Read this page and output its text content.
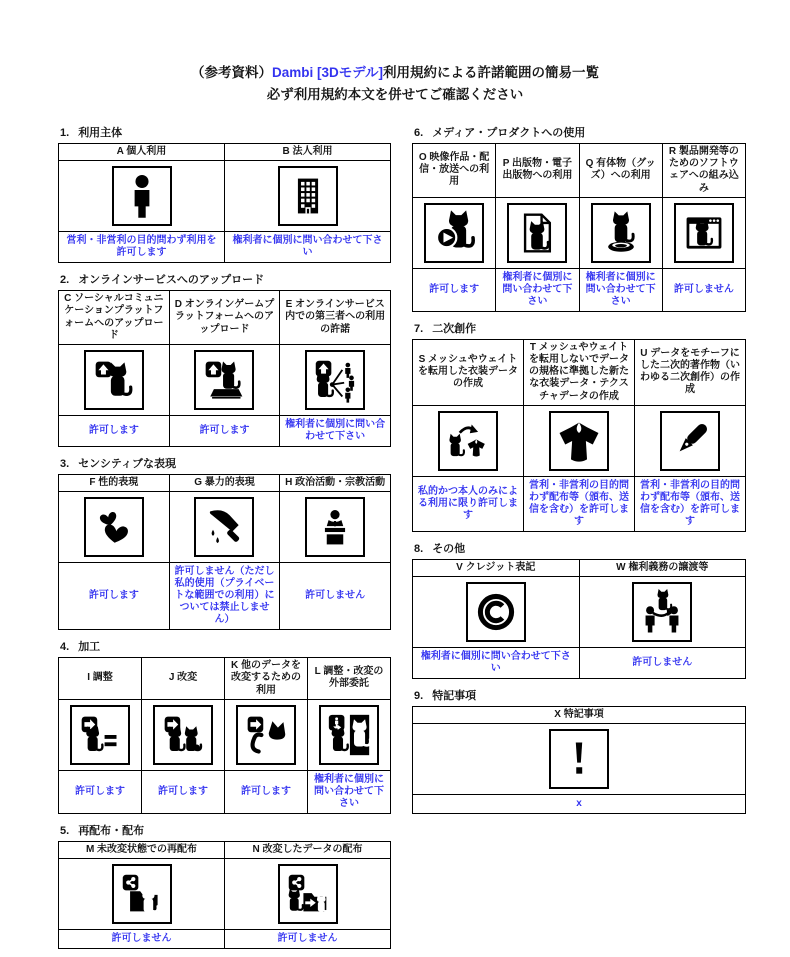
（参考資料）Dambi [3Dモデル]利用規約による許諾範囲の簡易一覧
必ず利用規約本文を併せてご確認ください
1. 利用主体
A 個人利用	B 法人利用

営利・非営利の目的問わず利用を許可します	権利者に個別に問い合わせて下さい
2. オンラインサービスへのアップロード
C ソーシャルコミュニケーションプラットフォームへのアップロード	D オンラインゲームプラットフォームへのアップロード	E オンラインサービス内での第三者への利用の許諾

許可します	許可します	権利者に個別に問い合わせて下さい
3. センシティブな表現
F 性的表現	G 暴力的表現	H 政治活動・宗教活動

許可します	許可しません（ただし私的使用（プライベートな範囲での利用）については禁止しません）	許可しません
4. 加工
I 調整	J 改変	K 他のデータを改変するための利用	L 調整・改変の外部委託

許可します	許可します	許可します	権利者に個別に問い合わせて下さい
5. 再配布・配布
M 未改変状態での再配布	N 改変したデータの配布

許可しません	許可しません
6. メディア・プロダクトへの使用
O 映像作品・配信・放送への利用	P 出版物・電子出版物への利用	Q 有体物（グッズ）への利用	R 製品開発等のためのソフトウェアへの組み込み

許可します	権利者に個別に問い合わせて下さい	権利者に個別に問い合わせて下さい	許可しません
7. 二次創作
S メッシュやウェイトを転用した衣装データの作成	T メッシュやウェイトを転用しないでデータの規格に準拠した新たな衣装データ・テクスチャデータの作成	U データをモチーフにした二次的著作物（いわゆる二次創作）の作成

私的かつ本人のみによる利用に限り許可します	営利・非営利の目的問わず配布等（頒布、送信を含む）を許可します	営利・非営利の目的問わず配布等（頒布、送信を含む）を許可します
8. その他
V クレジット表記	W 権利義務の譲渡等

権利者に個別に問い合わせて下さい	許可しません
9. 特記事項
X 特記事項

x
